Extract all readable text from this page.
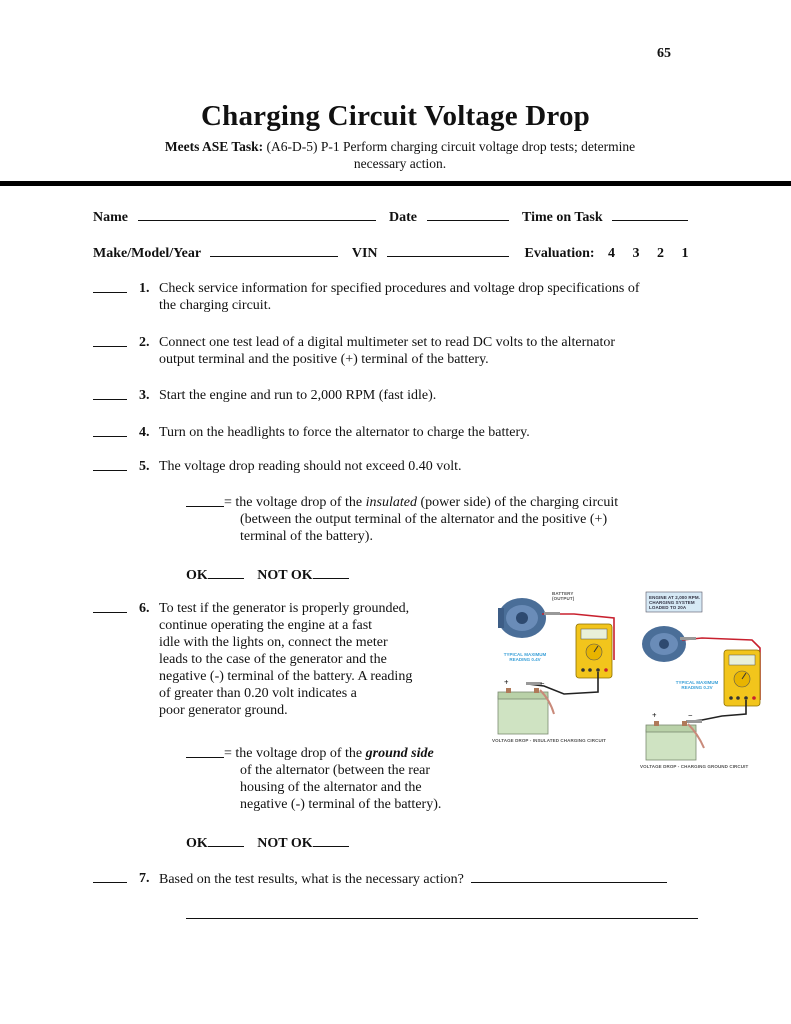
65
Charging Circuit Voltage Drop
Meets ASE Task: (A6-D-5) P-1 Perform charging circuit voltage drop tests; determine
necessary action.
Name	Date	Time on Task
Make/Model/Year	VIN	Evaluation: 4 3 2 1
1. Check service information for specified procedures and voltage drop specifications of
the charging circuit.
2. Connect one test lead of a digital multimeter set to read DC volts to the alternator
output terminal and the positive (+) terminal of the battery.
3. Start the engine and run to 2,000 RPM (fast idle).
4. Turn on the headlights to force the alternator to charge the battery.
5. The voltage drop reading should not exceed 0.40 volt.
= the voltage drop of the insulated (power side) of the charging circuit
(between the output terminal of the alternator and the positive (+)
terminal of the battery).
OK	NOT OK
6. To test if the generator is properly grounded,
continue operating the engine at a fast
idle with the lights on, connect the meter
leads to the case of the generator and the
negative (-) terminal of the battery. A reading
of greater than 0.20 volt indicates a
poor generator ground.
= the voltage drop of the ground side
of the alternator (between the rear
housing of the alternator and the
negative (-) terminal of the battery).
OK	NOT OK
7. Based on the test results, what is the necessary action?
+	−
BATTERY
(OUTPUT)
TYPICAL MAXIMUM READING 0.4V
VOLTAGE DROP - INSULATED CHARGING CIRCUIT
+	−
ENGINE AT 2,000 RPM.
CHARGING SYSTEM
LOADED TO 20A
TYPICAL MAXIMUM READING 0.2V
VOLTAGE DROP - CHARGING GROUND CIRCUIT
